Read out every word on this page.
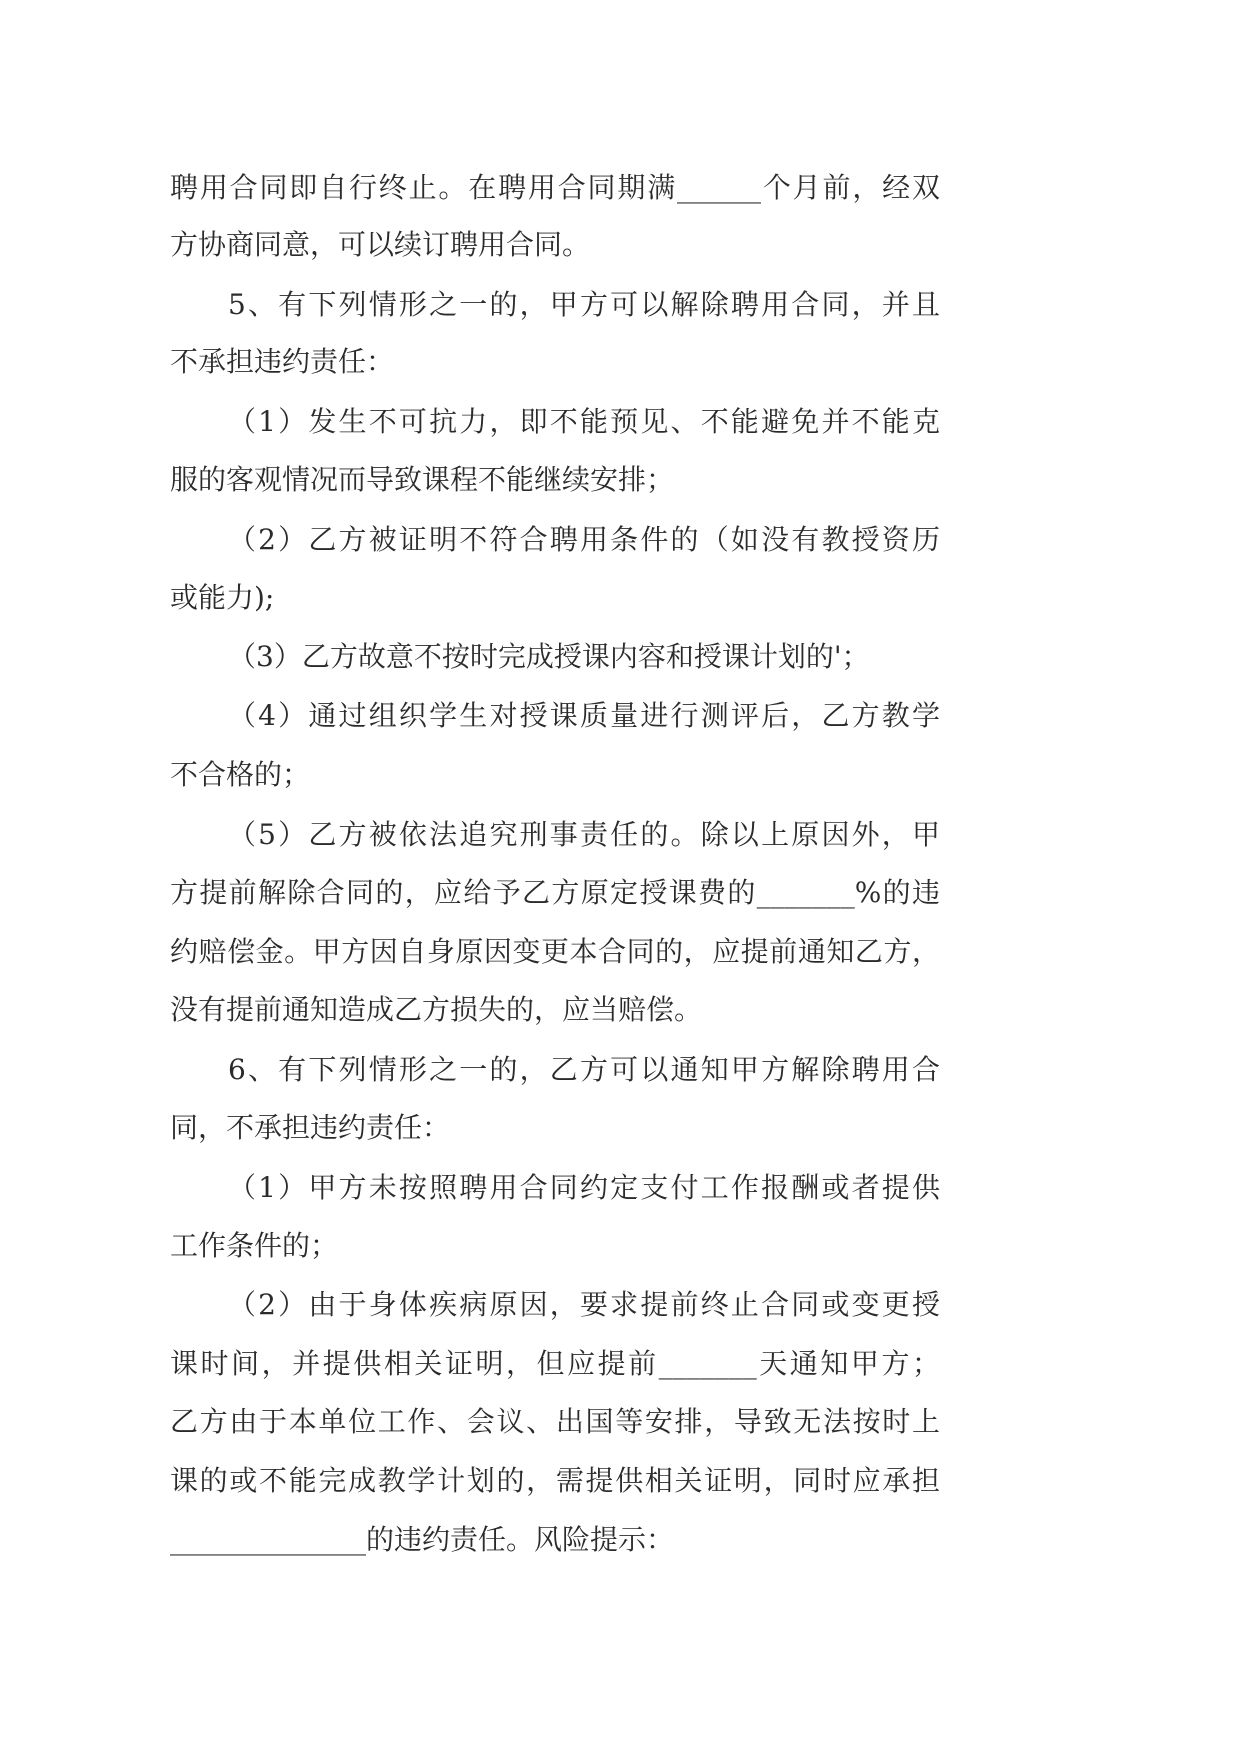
聘用合同即自行终止。在聘用合同期满______个月前，经双
方协商同意，可以续订聘用合同。
5、有下列情形之一的，甲方可以解除聘用合同，并且
不承担违约责任：
（1）发生不可抗力，即不能预见、不能避免并不能克
服的客观情况而导致课程不能继续安排；
（2）乙方被证明不符合聘用条件的（如没有教授资历
或能力);
（3）乙方故意不按时完成授课内容和授课计划的'；
（4）通过组织学生对授课质量进行测评后，乙方教学
不合格的；
（5）乙方被依法追究刑事责任的。除以上原因外，甲
方提前解除合同的，应给予乙方原定授课费的_______%的违
约赔偿金。甲方因自身原因变更本合同的，应提前通知乙方，
没有提前通知造成乙方损失的，应当赔偿。
6、有下列情形之一的，乙方可以通知甲方解除聘用合
同，不承担违约责任：
（1）甲方未按照聘用合同约定支付工作报酬或者提供
工作条件的；
（2）由于身体疾病原因，要求提前终止合同或变更授
课时间，并提供相关证明，但应提前_______天通知甲方；
乙方由于本单位工作、会议、出国等安排，导致无法按时上
课的或不能完成教学计划的，需提供相关证明，同时应承担
______________的违约责任。风险提示：
